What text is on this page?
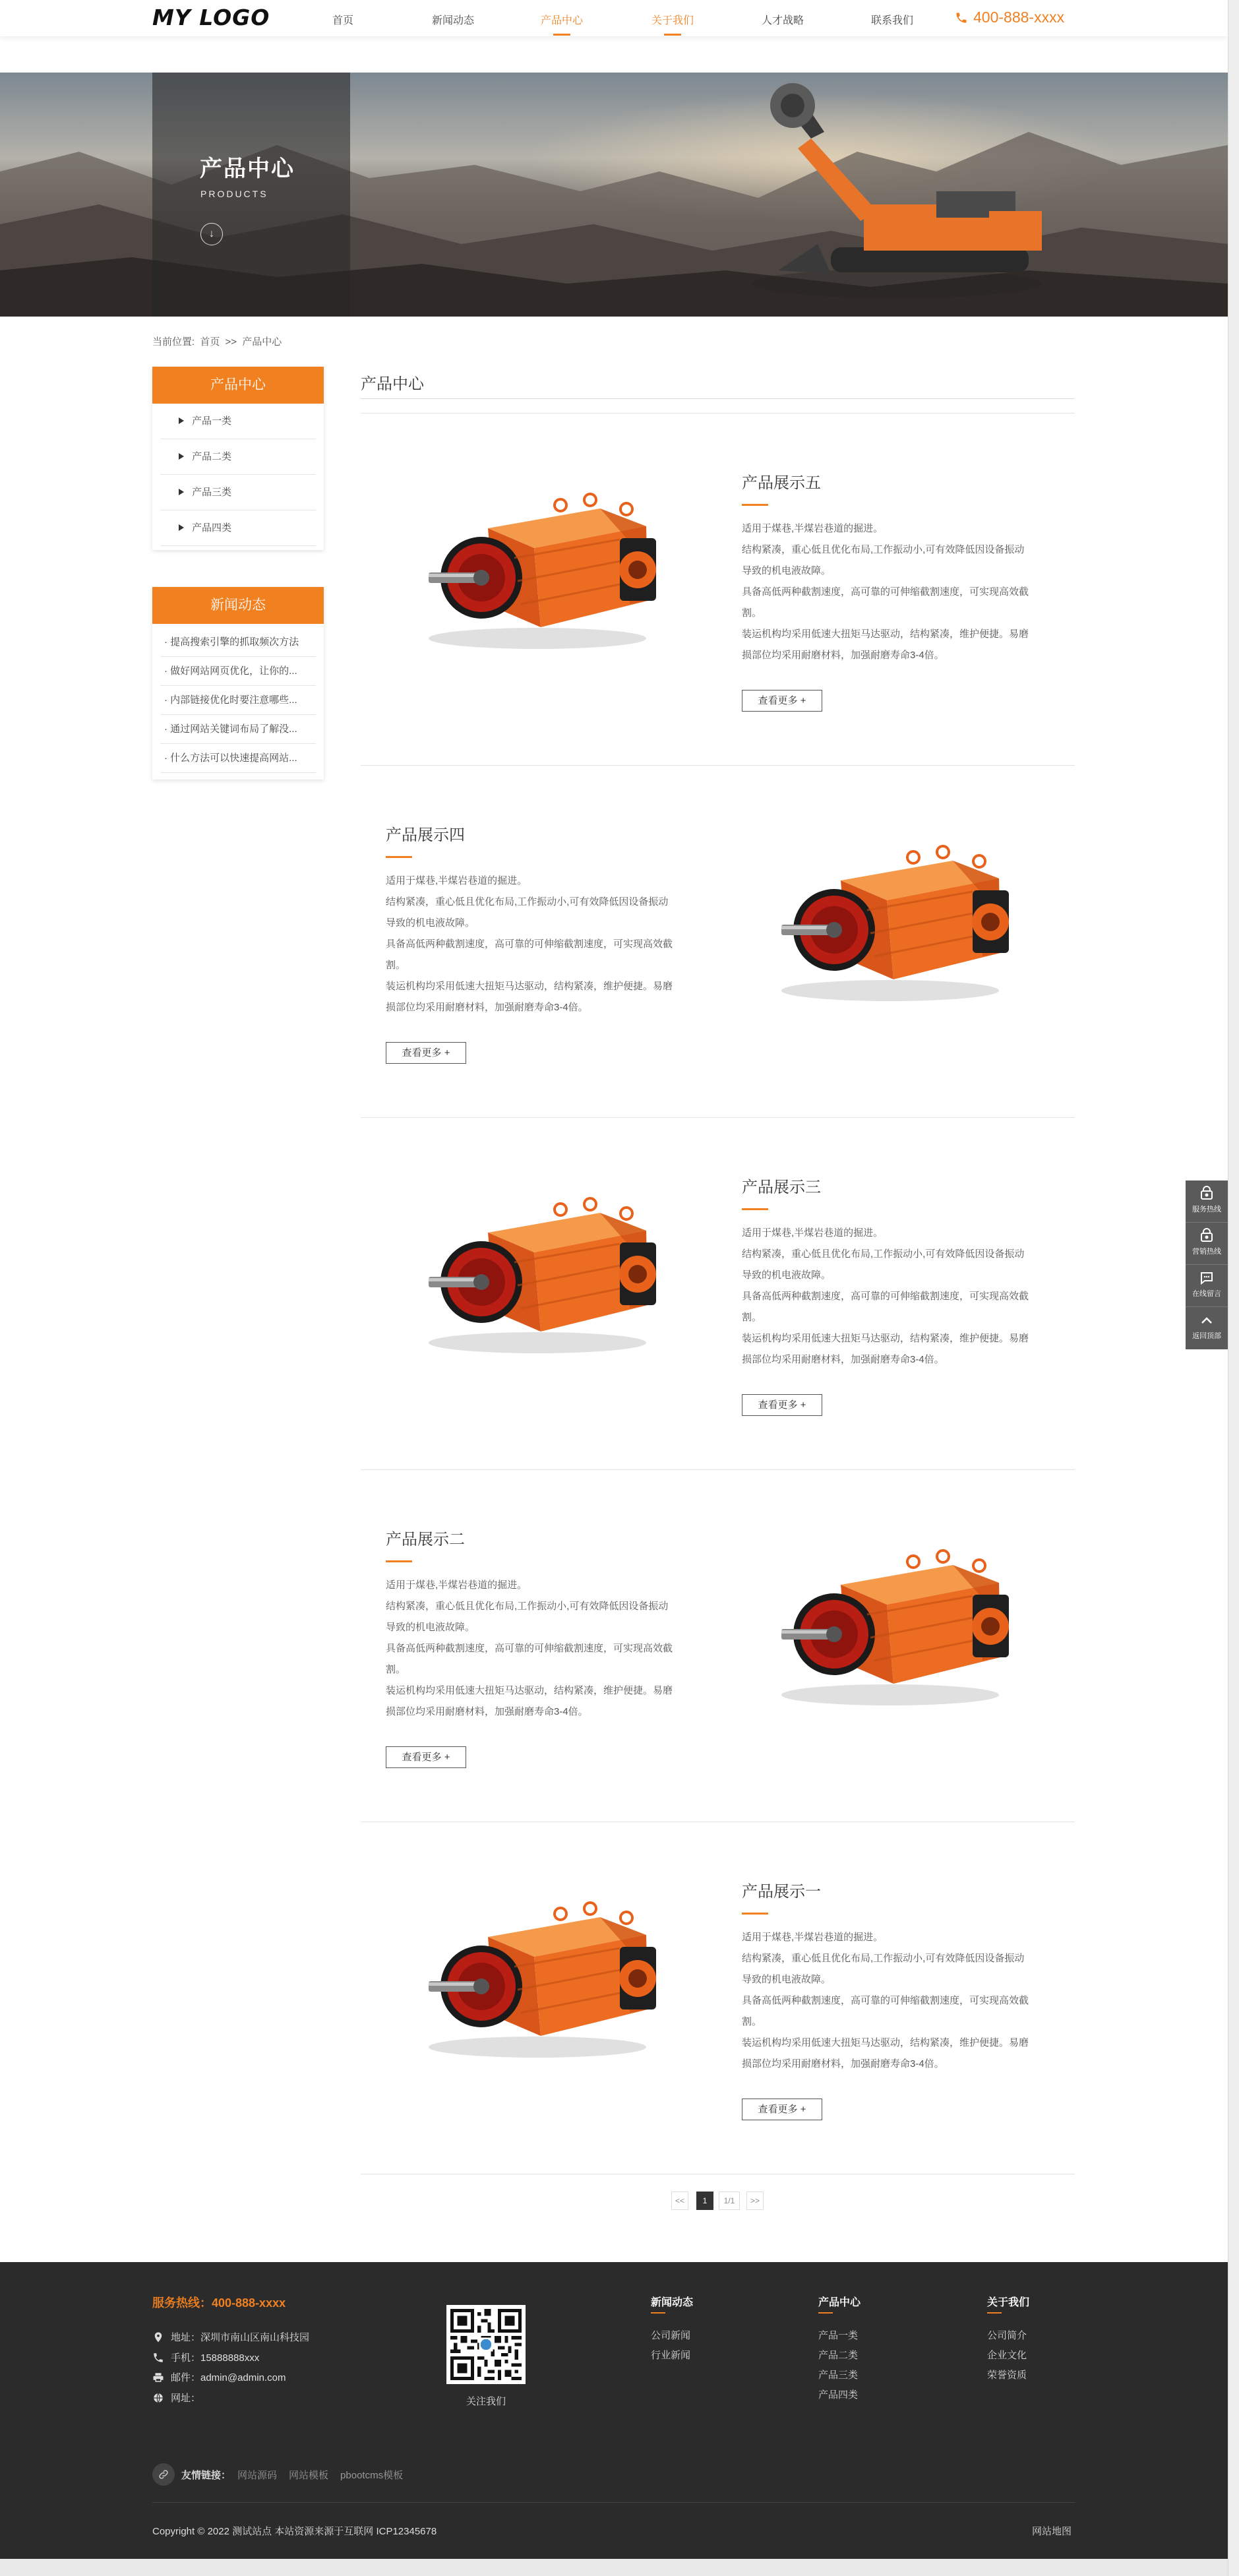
MY LOGO	首页	新闻动态	产品中心	关于我们	人才战略	联系我们	400-888-xxxx
产品中心
PRODUCTS
↓
当前位置: 首页 >> 产品中心
产品中心
产品一类
产品二类
产品三类
产品四类
新闻动态
· 提高搜索引擎的抓取频次方法
· 做好网站网页优化，让你的...
· 内部链接优化时要注意哪些...
· 通过网站关键词布局了解没...
· 什么方法可以快速提高网站...
产品中心
产品展示五
适用于煤巷,半煤岩巷道的掘进。
结构紧凑，重心低且优化布局,工作振动小,可有效降低因设备振动
导致的机电液故障。
具备高低两种截割速度，高可靠的可伸缩截割速度，可实现高效截
割。
装运机构均采用低速大扭矩马达驱动，结构紧凑，维护便捷。易磨
损部位均采用耐磨材料，加强耐磨寿命3-4倍。
查看更多 +
产品展示四
适用于煤巷,半煤岩巷道的掘进。
结构紧凑，重心低且优化布局,工作振动小,可有效降低因设备振动
导致的机电液故障。
具备高低两种截割速度，高可靠的可伸缩截割速度，可实现高效截
割。
装运机构均采用低速大扭矩马达驱动，结构紧凑，维护便捷。易磨
损部位均采用耐磨材料，加强耐磨寿命3-4倍。
查看更多 +
产品展示三
适用于煤巷,半煤岩巷道的掘进。
结构紧凑，重心低且优化布局,工作振动小,可有效降低因设备振动
导致的机电液故障。
具备高低两种截割速度，高可靠的可伸缩截割速度，可实现高效截
割。
装运机构均采用低速大扭矩马达驱动，结构紧凑，维护便捷。易磨
损部位均采用耐磨材料，加强耐磨寿命3-4倍。
查看更多 +
产品展示二
适用于煤巷,半煤岩巷道的掘进。
结构紧凑，重心低且优化布局,工作振动小,可有效降低因设备振动
导致的机电液故障。
具备高低两种截割速度，高可靠的可伸缩截割速度，可实现高效截
割。
装运机构均采用低速大扭矩马达驱动，结构紧凑，维护便捷。易磨
损部位均采用耐磨材料，加强耐磨寿命3-4倍。
查看更多 +
产品展示一
适用于煤巷,半煤岩巷道的掘进。
结构紧凑，重心低且优化布局,工作振动小,可有效降低因设备振动
导致的机电液故障。
具备高低两种截割速度，高可靠的可伸缩截割速度，可实现高效截
割。
装运机构均采用低速大扭矩马达驱动，结构紧凑，维护便捷。易磨
损部位均采用耐磨材料，加强耐磨寿命3-4倍。
查看更多 +
<<	1	1/1	>>
服务热线：400-888-xxxx
地址：深圳市南山区南山科技园
手机：15888888xxx
邮件：admin@admin.com
网址：	关注我们
新闻动态
公司新闻
行业新闻
产品中心
产品一类
产品二类
产品三类
产品四类
关于我们
公司简介
企业文化
荣誉资质
友情链接： 网站源码 网站模板 pbootcms模板
Copyright © 2022 测试站点 本站资源来源于互联网 ICP12345678	网站地图
服务热线
营销热线
在线留言
返回顶部
